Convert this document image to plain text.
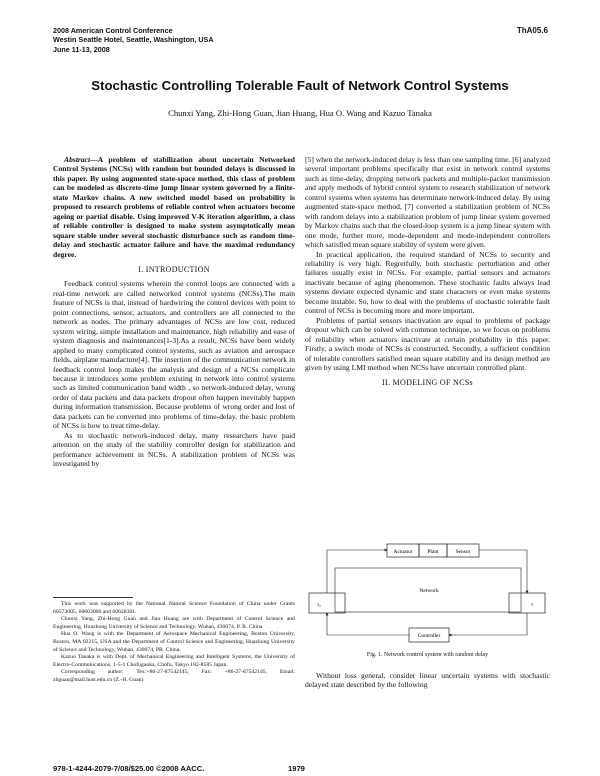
2008 American Control Conference
Westin Seattle Hotel, Seattle, Washington, USA
June 11-13, 2008
ThA05.6
Stochastic Controlling Tolerable Fault of Network Control Systems
Chunxi Yang, Zhi-Hong Guan, Jian Huang, Hua O. Wang and Kazuo Tanaka

Abstract—A problem of stabilization about uncertain Networked Control Systems (NCSs) with random but bounded delays is discussed in this paper. By using augmented state-space method, this class of problem can be modeled as discrete-time jump linear system governed by a finite-state Markov chains. A new switched model based on probability is proposed to research problems of reliable control when actuators become ageing or partial disable. Using improved V-K iteration algorithm, a class of reliable controller is designed to make system asymptotically mean square stable under several stochastic disturbance such as random time-delay and stochastic actuator failure and have the maximal redundancy degree.

I. INTRODUCTION

Feedback control systems wherein the control loops are connected with a real-time network are called networked control systems (NCSs).The main feature of NCSs is that, instead of hardwiring the control devices with point to point connections, sensor, actuators, and controllers are all connected to the network as nodes. The primary advantages of NCSs are low cost, reduced system wiring, simple installation and maintenance, high reliability and ease of system diagnosis and maintenances[1-3].As a result, NCSs have been widely applied to many complicated control systems, such as aviation and aerospace fields, airplane manufacture[4]. The insertion of the communication network in feedback control loop makes the analysis and design of a NCSs complicate because it introduces some problem existing in network into control systems such as limited communication band width , so network-induced delay, wrong order of data packets and data packets dropout often happen inevitably happen during information transmission. Because problems of wrong order and lost of data packets can be converted into problems of time-delay, the basic problem of NCSs is how to treat time-delay.

As to stochastic network-induced delay, many researchers have paid attention on the study of the stability controller design for stabilization and performance achievement in NCSs. A stabilization problem of NCSs was investigated by

This work was supported by the National Natural Science Foundation of China under Grants 60573005, 60603006 and 60628301.

Chunxi Yang, Zhi-Hong Guan and Jian Huang are with Department of Control Science and Engineering, Huazhong University of Science and Technology, Wuhan, 430074, P. R. China

Hua O. Wang is with the Department of Aerospace Mechanical Engineering, Boston University, Boston, MA 02215, USA and the Department of Control Science and Engineering, Huazhong University of Science and Technology, Wuhan, 430074, PR. China.

Kazuo Tanaka is with Dept. of Mechanical Engineering and Intelligent Systems, the University of Electro-Communications, 1-5-1 Chofugaoka, Chofu, Tokyo 182-8585 Japan.

Corresponding author: Tex:+86-27-87542145, Fax: +86-27-87542145, Email: zhguan@mail.hust.edu.cn (Z.-H. Guan)

[5] when the network-induced delay is less than one sampling time. [6] analyzed several important problems specifically that exist in network control systems such as time-delay, dropping network packets and multiple-packet transmission and apply methods of hybrid control system to research stabilization of network control systems when systems has determinate network-induced delay. By using augmented state-space method, [7] converted a stabilization problem of NCSs with random delays into a stabilization problem of jump linear system governed by Markov chains such that the closed-loop system is a jump linear system with one mode, further more, mode-dependent and mode-independent controllers which satisfied mean square stability of system were given.

In practical application, the required standard of NCSs to security and reliability is very high. Regretfully, both stochastic perturbation and other failures usually exist in NCSs. For example, partial sensors and actuators inactivate because of aging phenomenon. These stochastic faults always lead systems deviate expected dynamic and state characters or even make systems become instable. So, how to deal with the problems of stochastic tolerable fault control of NCSs is becoming more and more important.

Problems of partial sensors inactivation are equal to problems of package dropout which can be solved with common technique, so we focus on problems of reliability when actuators inactivate at certain probability in this paper. Firstly, a switch mode of NCSs is constructed. Secondly, a sufficient condition of tolerable controllers satisfied mean square stability and its design method are given by using LMI method when NCSs have uncertain controlled plant.

II. MODELING OF NCSs

Actuator	Plant	Sensor
Network
τₐ	τ
Controller
Fig. 1. Network control system with random delay

Without loss general, consider linear uncertain systems with stochastic delayed state described by the following

978-1-4244-2079-7/08/$25.00 ©2008 AACC.	1979
